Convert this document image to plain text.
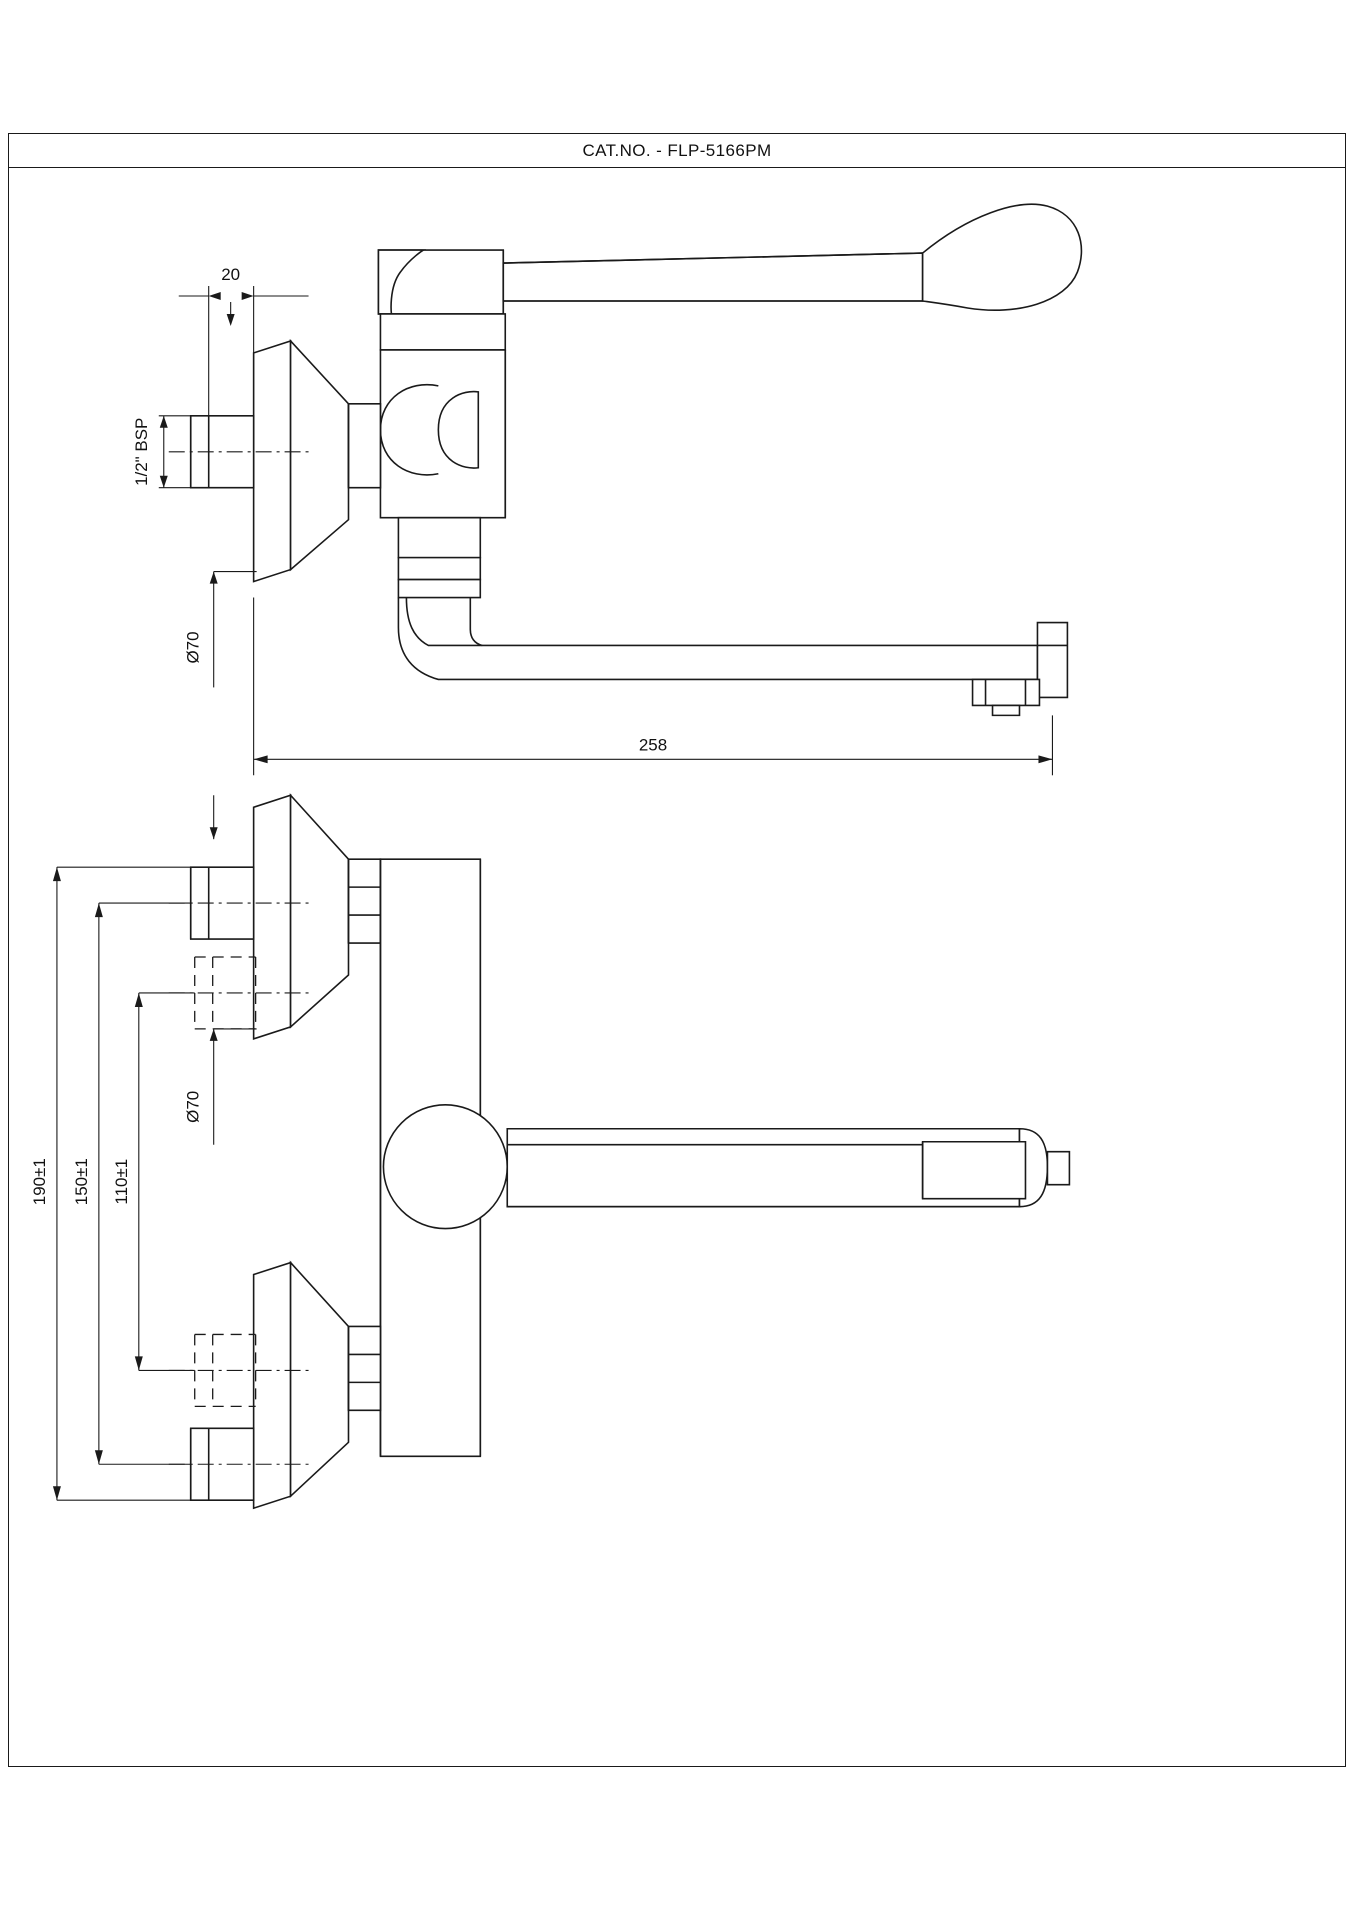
CAT.NO. - FLP-5166PM
20
1/2" BSP
Ø70
258
Ø70
110±1
150±1
190±1
